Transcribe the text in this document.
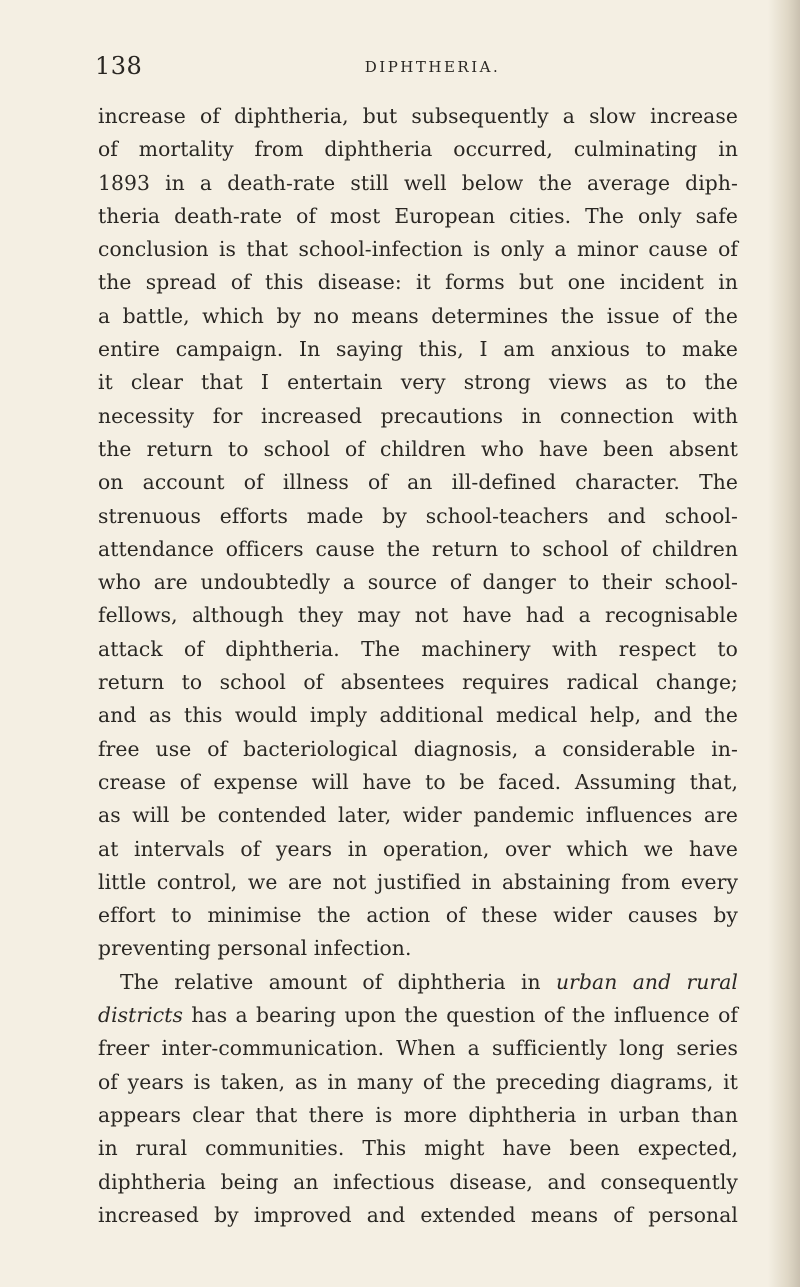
138	DIPHTHERIA.
increase of diphtheria, but subsequently a slow increase
of mortality from diphtheria occurred, culminating in
1893 in a death-rate still well below the average diph-
theria death-rate of most European cities. The only safe
conclusion is that school-infection is only a minor cause of
the spread of this disease: it forms but one incident in
a battle, which by no means determines the issue of the
entire campaign. In saying this, I am anxious to make
it clear that I entertain very strong views as to the
necessity for increased precautions in connection with
the return to school of children who have been absent
on account of illness of an ill-defined character. The
strenuous efforts made by school-teachers and school-
attendance officers cause the return to school of children
who are undoubtedly a source of danger to their school-
fellows, although they may not have had a recognisable
attack of diphtheria. The machinery with respect to
return to school of absentees requires radical change;
and as this would imply additional medical help, and the
free use of bacteriological diagnosis, a considerable in-
crease of expense will have to be faced. Assuming that,
as will be contended later, wider pandemic influences are
at intervals of years in operation, over which we have
little control, we are not justified in abstaining from every
effort to minimise the action of these wider causes by
preventing personal infection.
The relative amount of diphtheria in urban and rural
districts has a bearing upon the question of the influence of
freer inter-communication. When a sufficiently long series
of years is taken, as in many of the preceding diagrams, it
appears clear that there is more diphtheria in urban than
in rural communities. This might have been expected,
diphtheria being an infectious disease, and consequently
increased by improved and extended means of personal
